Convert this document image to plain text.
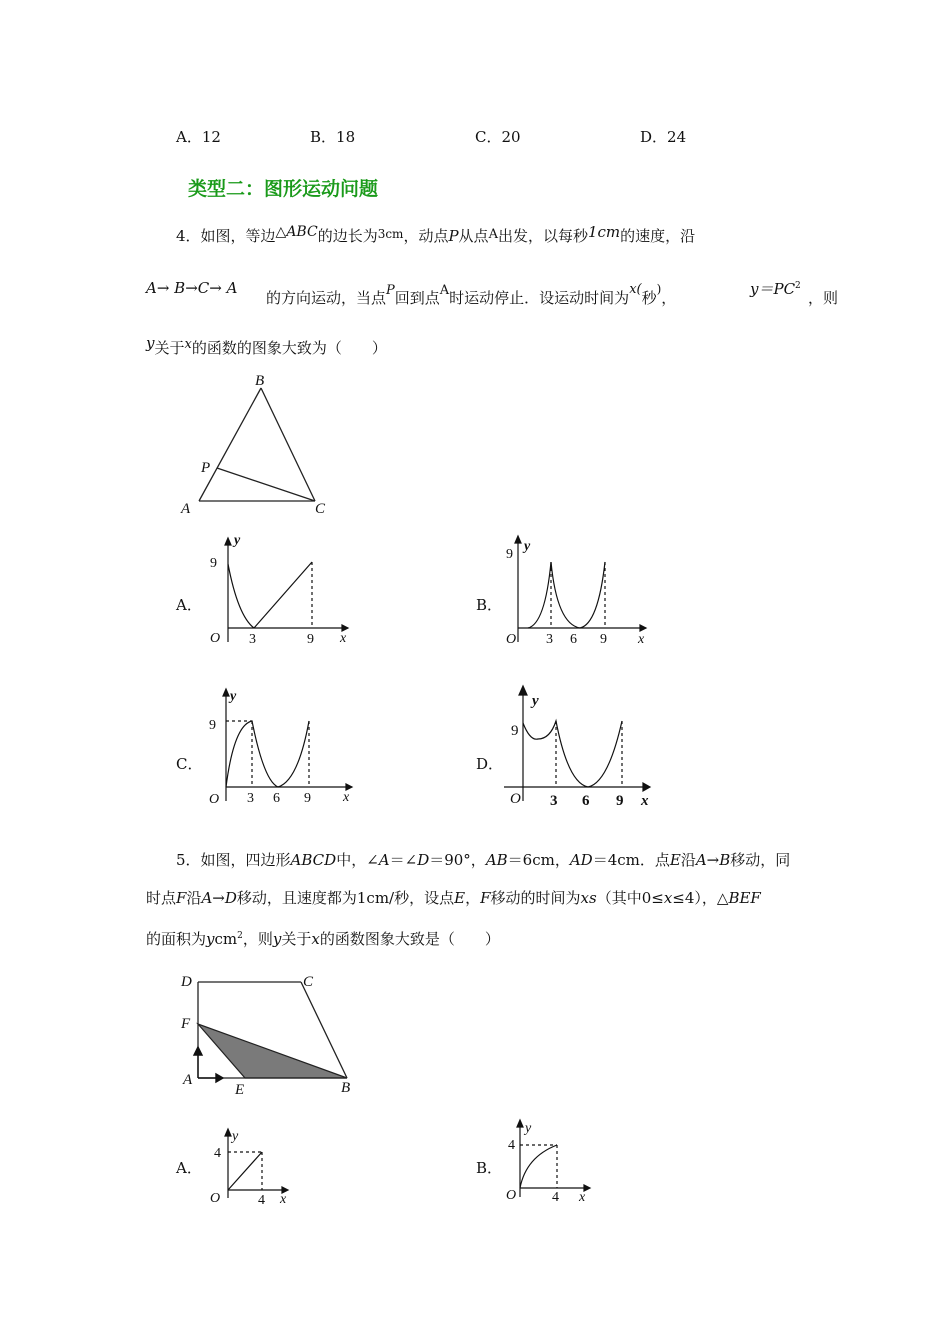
A．12	B．18	C．20	D．24
类型二：图形运动问题
4．如图，等边△ABC的边长为$^{3cm}$，动点P从点A出发，以每秒1cm的速度，沿
A→ B→C→ A
的方向运动，当点P回到点A时运动停止．设运动时间为x(秒)，	$y=PC^2$
，则
y关于x的函数的图象大致为（　　）
B
P
A	C
A．
y
9
O 3	9 x
B．
y
9
O 3 6 9 x
C．
y
9
O 3 6 9 x
D．
y
9
O 3 6 9 x
5．如图，四边形ABCD中，∠A＝∠D＝90°，AB＝6cm，AD＝4cm．点E沿A→B移动，同
时点F沿A→D移动，且速度都为1cm/秒，设点E，F移动的时间为xs（其中0≤x≤4），△BEF
的面积为ycm$^2$，则y关于x的函数图象大致是（　　）
D	C
F
A
E	B
A．
y
4
O	4 x
B．
y
4
O	4 x
